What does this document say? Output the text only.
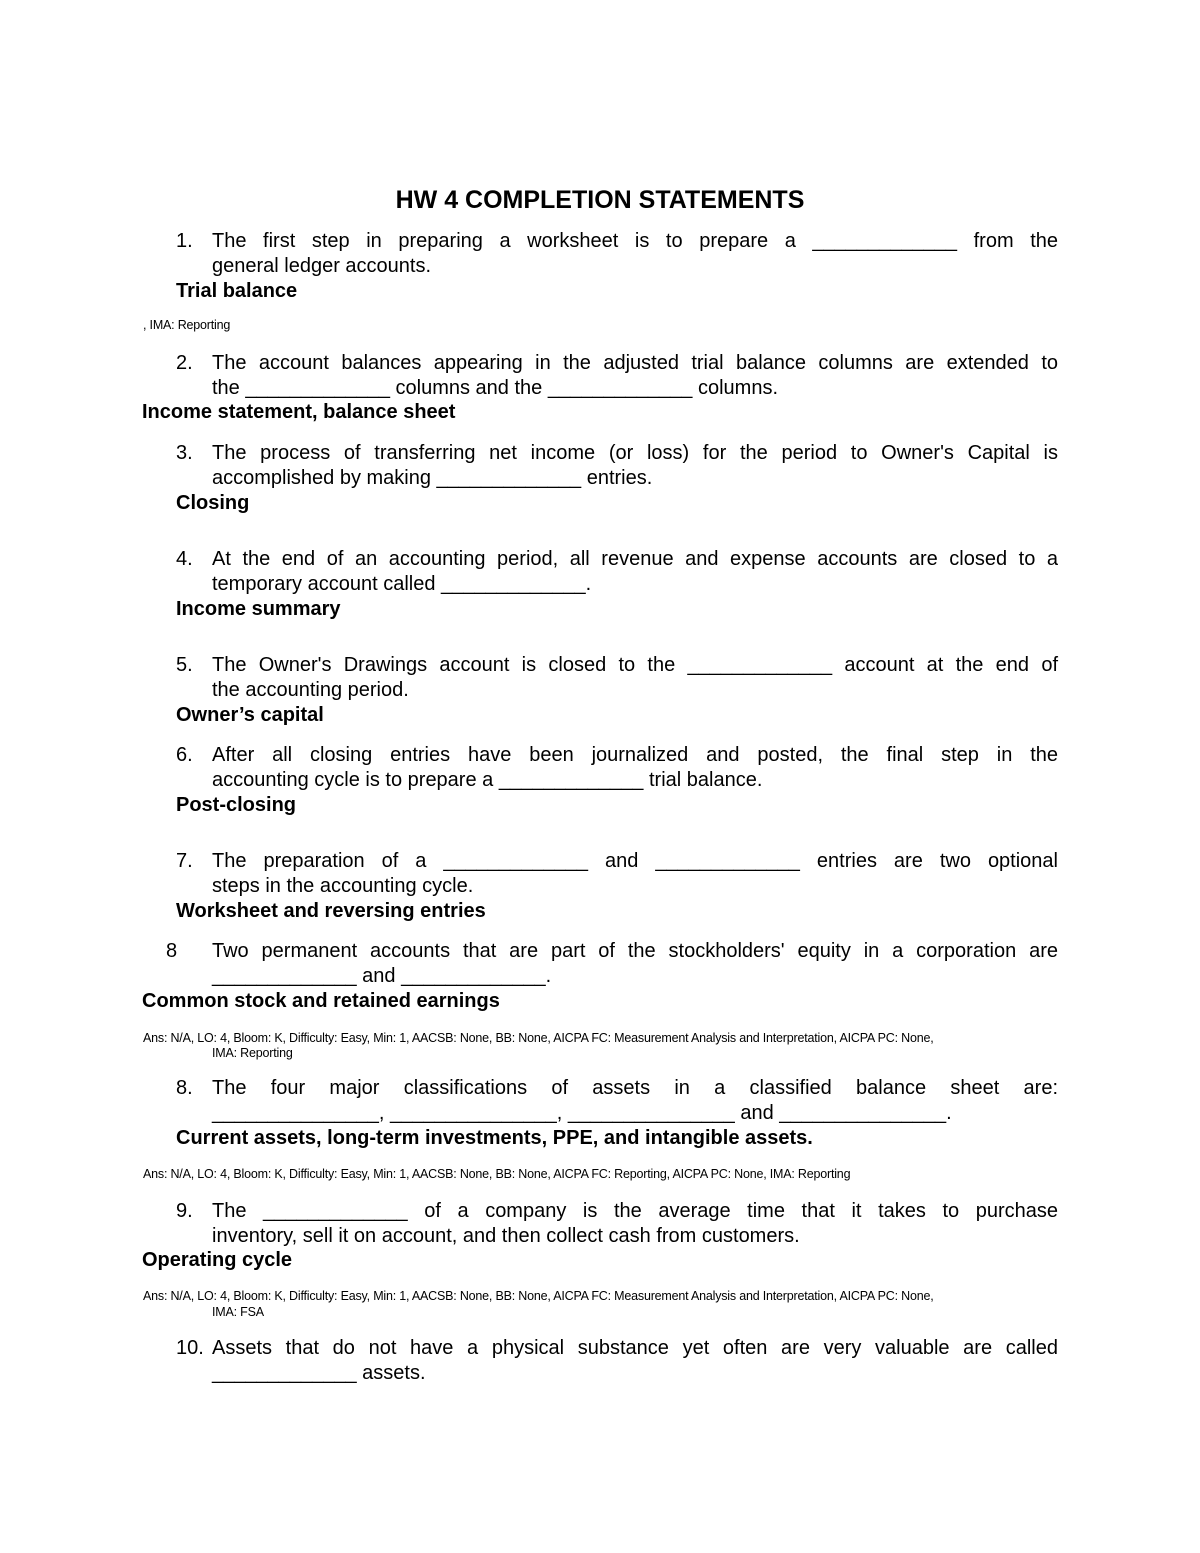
HW 4 COMPLETION STATEMENTS
1. The first step in preparing a worksheet is to prepare a _____________ from the
general ledger accounts.
Trial balance
, IMA: Reporting
2. The account balances appearing in the adjusted trial balance columns are extended to
the _____________ columns and the _____________ columns.
Income statement, balance sheet
3. The process of transferring net income (or loss) for the period to Owner's Capital is
accomplished by making _____________ entries.
Closing
4. At the end of an accounting period, all revenue and expense accounts are closed to a
temporary account called _____________.
Income summary
5. The Owner's Drawings account is closed to the _____________ account at the end of
the accounting period.
Owner’s capital
6. After all closing entries have been journalized and posted, the final step in the
accounting cycle is to prepare a _____________ trial balance.
Post-closing
7. The preparation of a _____________ and _____________ entries are two optional
steps in the accounting cycle.
Worksheet and reversing entries
8 Two permanent accounts that are part of the stockholders' equity in a corporation are
_____________ and _____________.
Common stock and retained earnings
Ans: N/A, LO: 4, Bloom: K, Difficulty: Easy, Min: 1, AACSB: None, BB: None, AICPA FC: Measurement Analysis and Interpretation, AICPA PC: None,
IMA: Reporting
8. The four major classifications of assets in a classified balance sheet are:
_______________, _______________, _______________ and _______________.
Current assets, long-term investments, PPE, and intangible assets.
Ans: N/A, LO: 4, Bloom: K, Difficulty: Easy, Min: 1, AACSB: None, BB: None, AICPA FC: Reporting, AICPA PC: None, IMA: Reporting
9. The _____________ of a company is the average time that it takes to purchase
inventory, sell it on account, and then collect cash from customers.
Operating cycle
Ans: N/A, LO: 4, Bloom: K, Difficulty: Easy, Min: 1, AACSB: None, BB: None, AICPA FC: Measurement Analysis and Interpretation, AICPA PC: None,
IMA: FSA
10. Assets that do not have a physical substance yet often are very valuable are called
_____________ assets.
